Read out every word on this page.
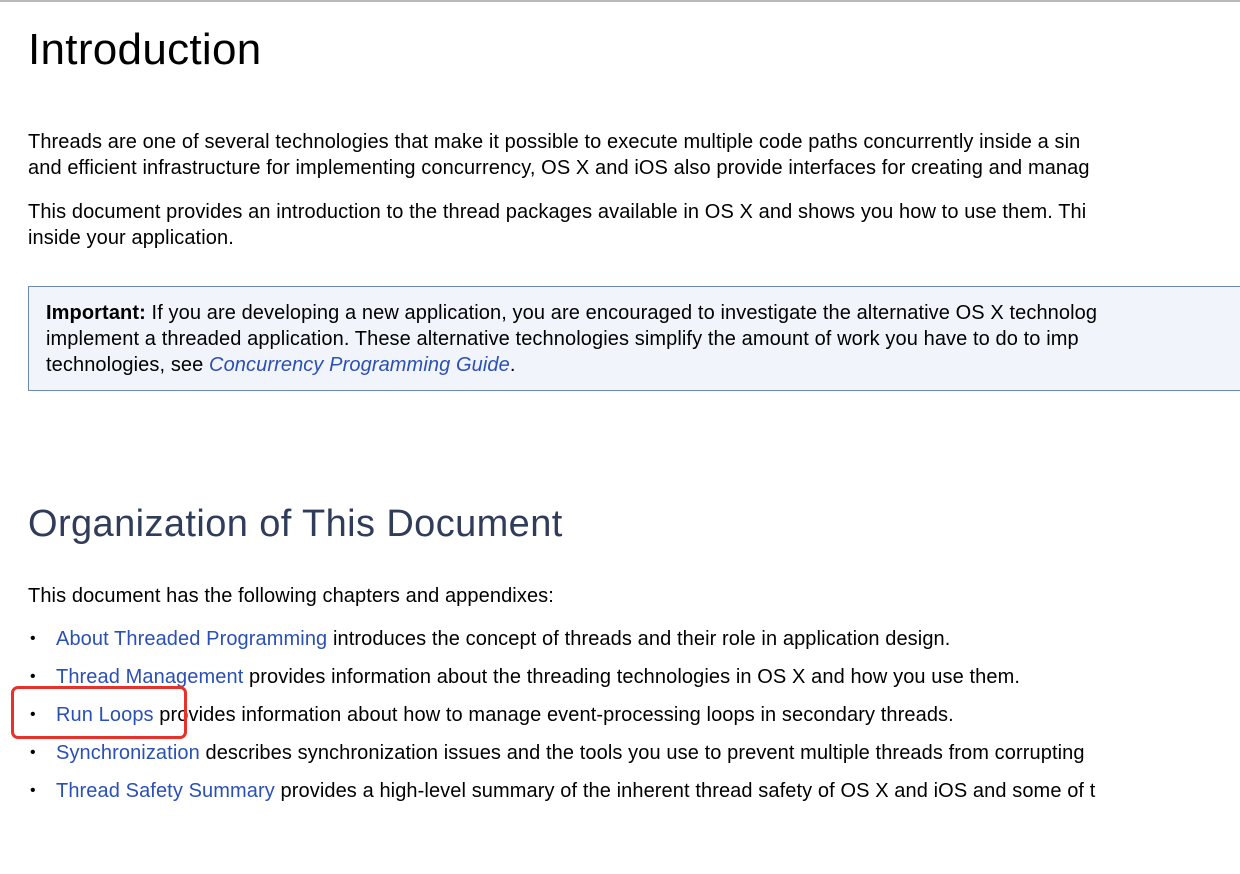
Introduction

Threads are one of several technologies that make it possible to execute multiple code paths concurrently inside a sin
and efficient infrastructure for implementing concurrency, OS X and iOS also provide interfaces for creating and manag

This document provides an introduction to the thread packages available in OS X and shows you how to use them. Thi
inside your application.

Important: If you are developing a new application, you are encouraged to investigate the alternative OS X technolog
implement a threaded application. These alternative technologies simplify the amount of work you have to do to imp
technologies, see Concurrency Programming Guide.

Organization of This Document

This document has the following chapters and appendixes:

• About Threaded Programming introduces the concept of threads and their role in application design.
• Thread Management provides information about the threading technologies in OS X and how you use them.
• Run Loops provides information about how to manage event-processing loops in secondary threads.
• Synchronization describes synchronization issues and the tools you use to prevent multiple threads from corrupting
• Thread Safety Summary provides a high-level summary of the inherent thread safety of OS X and iOS and some of t
